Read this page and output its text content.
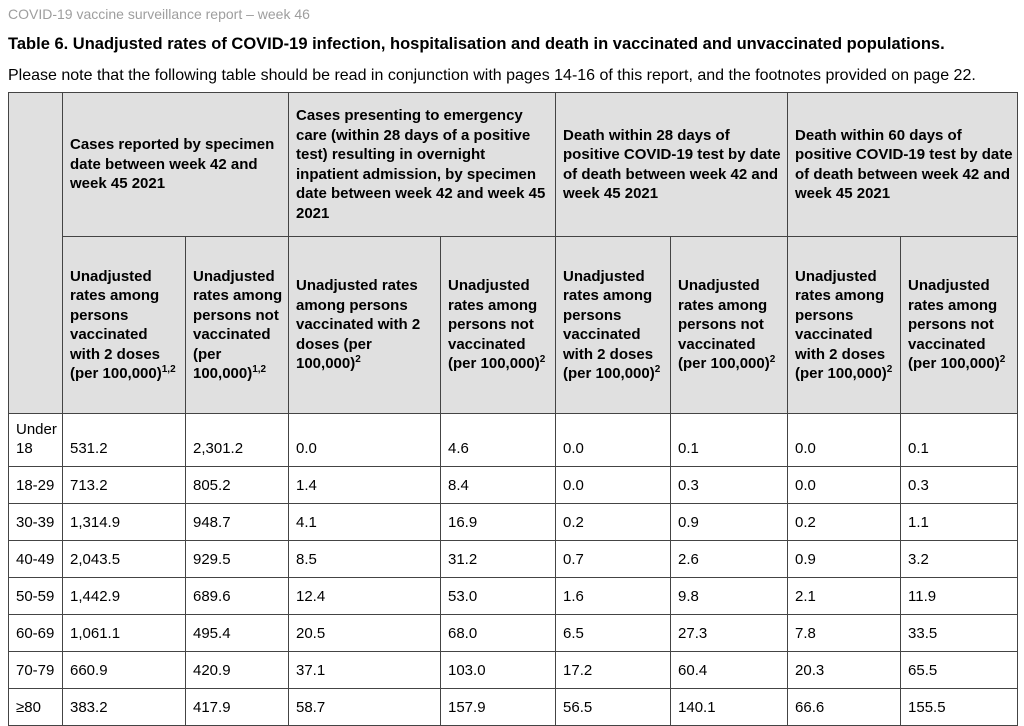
COVID-19 vaccine surveillance report – week 46

Table 6. Unadjusted rates of COVID-19 infection, hospitalisation and death in vaccinated and unvaccinated populations.

Please note that the following table should be read in conjunction with pages 14-16 of this report, and the footnotes provided on page 22.

	Cases reported by specimen date between week 42 and week 45 2021		Cases presenting to emergency care (within 28 days of a positive test) resulting in overnight inpatient admission, by specimen date between week 42 and week 45 2021		Death within 28 days of positive COVID-19 test by date of death between week 42 and week 45 2021		Death within 60 days of positive COVID-19 test by date of death between week 42 and week 45 2021	
	Unadjusted rates among persons vaccinated with 2 doses (per 100,000)$^{1,2}$	Unadjusted rates among persons not vaccinated (per 100,000)$^{1,2}$	Unadjusted rates among persons vaccinated with 2 doses (per 100,000)$^2$	Unadjusted rates among persons not vaccinated (per 100,000)$^2$	Unadjusted rates among persons vaccinated with 2 doses (per 100,000)$^2$	Unadjusted rates among persons not vaccinated (per 100,000)$^2$	Unadjusted rates among persons vaccinated with 2 doses (per 100,000)$^2$	Unadjusted rates among persons not vaccinated (per 100,000)$^2$
Under 18	531.2	2,301.2	0.0	4.6	0.0	0.1	0.0	0.1
18-29	713.2	805.2	1.4	8.4	0.0	0.3	0.0	0.3
30-39	1,314.9	948.7	4.1	16.9	0.2	0.9	0.2	1.1
40-49	2,043.5	929.5	8.5	31.2	0.7	2.6	0.9	3.2
50-59	1,442.9	689.6	12.4	53.0	1.6	9.8	2.1	11.9
60-69	1,061.1	495.4	20.5	68.0	6.5	27.3	7.8	33.5
70-79	660.9	420.9	37.1	103.0	17.2	60.4	20.3	65.5
≥80	383.2	417.9	58.7	157.9	56.5	140.1	66.6	155.5
